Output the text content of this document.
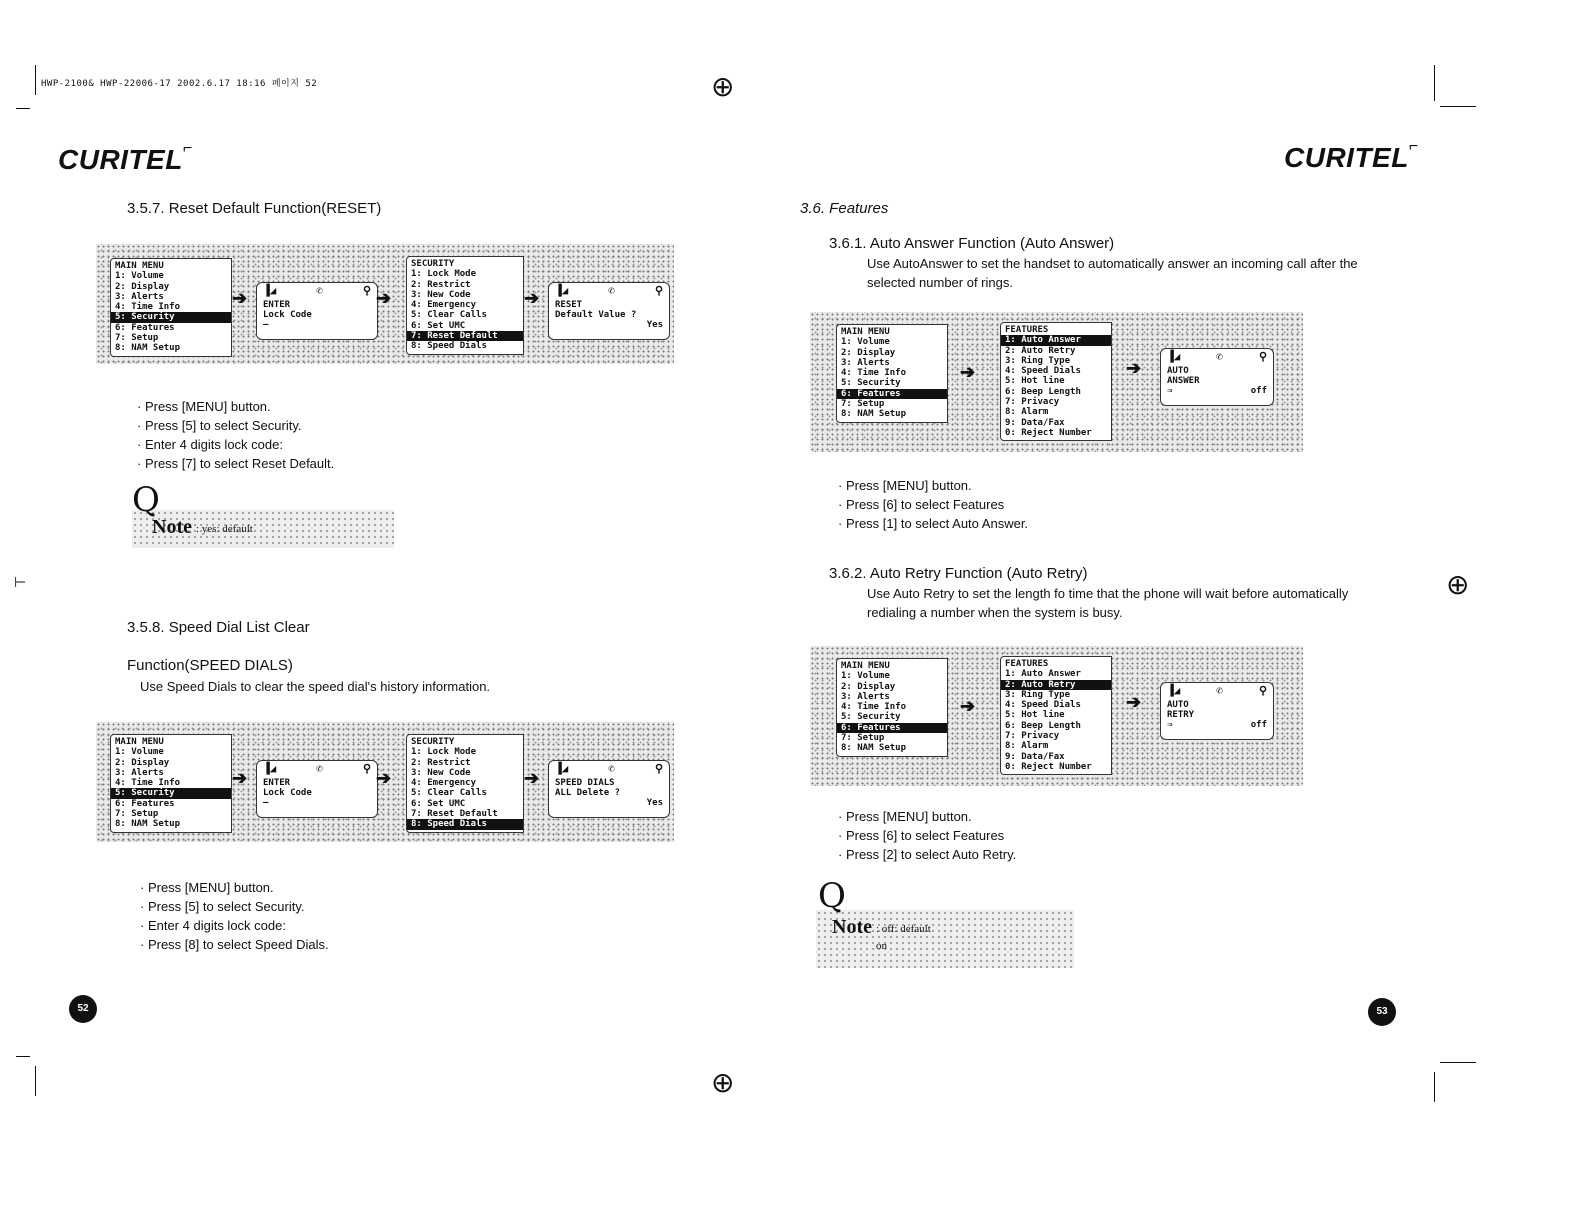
⊕
⊕
⊕
⊢
HWP-2100& HWP-22006-17 2002.6.17 18:16 페이지 52
CURITEL⌐	CURITEL⌐
3.5.7. Reset Default Function(RESET)
MAIN MENU
1: Volume
2: Display
3: Alerts
4: Time Info
5: Security
6: Features
7: Setup
8: NAM Setup
➔ ▐◢	✆	⚲
ENTER
Lock Code
—
➔
SECURITY
1: Lock Mode
2: Restrict
3: New Code
4: Emergency
5: Clear Calls
6: Set UMC
7: Reset Default
8: Speed Dials
➔ ▐◢	✆	⚲
RESET
Default Value ?
Yes
· Press [MENU] button.
· Press [5] to select Security.
· Enter 4 digits lock code:
· Press [7] to select Reset Default.
Q
Note : yes: default
3.5.8. Speed Dial List Clear
Function(SPEED DIALS)
Use Speed Dials to clear the speed dial's history information.
MAIN MENU
1: Volume
2: Display
3: Alerts
4: Time Info
5: Security
6: Features
7: Setup
8: NAM Setup
➔ ▐◢	✆	⚲
ENTER
Lock Code
—
➔
SECURITY
1: Lock Mode
2: Restrict
3: New Code
4: Emergency
5: Clear Calls
6: Set UMC
7: Reset Default
8: Speed Dials
➔ ▐◢	✆	⚲
SPEED DIALS
ALL Delete ?
Yes
· Press [MENU] button.
· Press [5] to select Security.
· Enter 4 digits lock code:
· Press [8] to select Speed Dials.
52
3.6. Features
3.6.1. Auto Answer Function (Auto Answer)
Use AutoAnswer to set the handset to automatically answer an incoming call after the
selected number of rings.
MAIN MENU
1: Volume
2: Display
3: Alerts
4: Time Info
5: Security
6: Features
7: Setup
8: NAM Setup
➔
FEATURES
1: Auto Answer
2: Auto Retry
3: Ring Type
4: Speed Dials
5: Hot line
6: Beep Length
7: Privacy
8: Alarm
9: Data/Fax
0: Reject Number
➔
▐◢	✆	⚲
AUTO
ANSWER
⇒	off
· Press [MENU] button.
· Press [6] to select Features
· Press [1] to select Auto Answer.
3.6.2. Auto Retry Function (Auto Retry)
Use Auto Retry to set the length fo time that the phone will wait before automatically
redialing a number when the system is busy.
MAIN MENU
1: Volume
2: Display
3: Alerts
4: Time Info
5: Security
6: Features
7: Setup
8: NAM Setup
➔
FEATURES
1: Auto Answer
2: Auto Retry
3: Ring Type
4: Speed Dials
5: Hot line
6: Beep Length
7: Privacy
8: Alarm
9: Data/Fax
0: Reject Number
➔
▐◢	✆	⚲
AUTO
RETRY
⇒	off
· Press [MENU] button.
· Press [6] to select Features
· Press [2] to select Auto Retry.
Q
Note : off: default
on
53
